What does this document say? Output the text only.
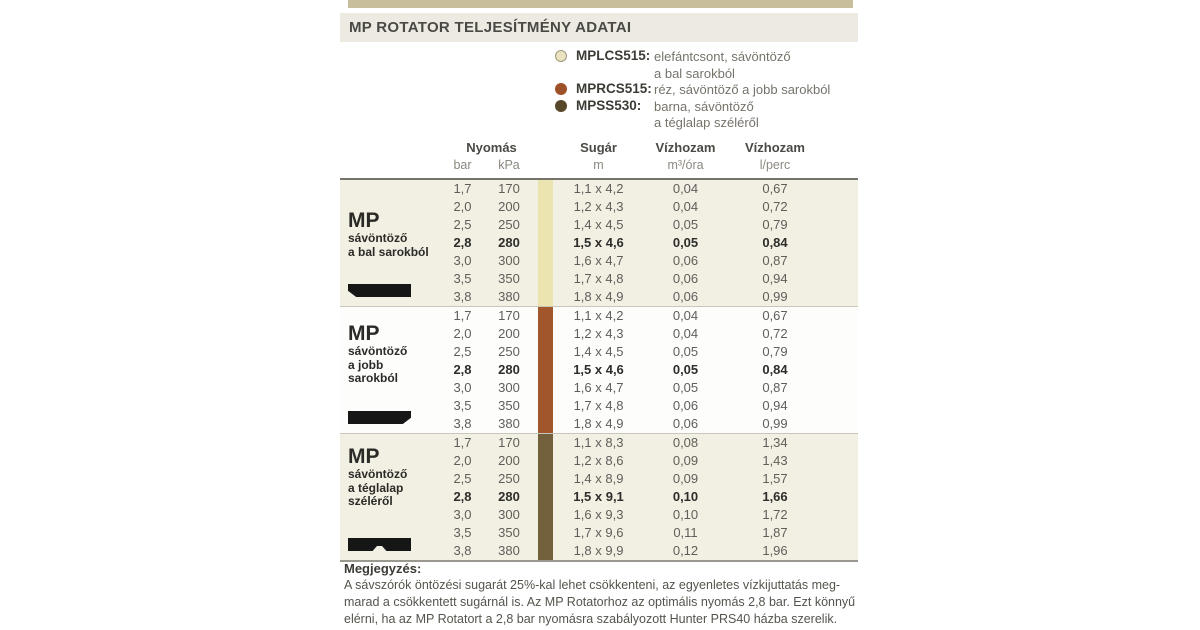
MP ROTATOR TELJESÍTMÉNY ADATAI
MPLCS515: elefántcsont, sávöntöző
a bal sarokból
MPRCS515: réz, sávöntöző a jobb sarokból
MPSS530: barna, sávöntöző
a téglalap széléről
Nyomás	Sugár	Vízhozam	Vízhozam
bar	kPa	m	m³/óra	l/perc
MP
sávöntöző
a bal sarokból
1,7	170	1,1 x 4,2	0,04	0,67
2,0	200	1,2 x 4,3	0,04	0,72
2,5	250	1,4 x 4,5	0,05	0,79
2,8	280	1,5 x 4,6	0,05	0,84
3,0	300	1,6 x 4,7	0,06	0,87
3,5	350	1,7 x 4,8	0,06	0,94
3,8	380	1,8 x 4,9	0,06	0,99
MP
sávöntöző
a jobb
sarokból
1,7	170	1,1 x 4,2	0,04	0,67
2,0	200	1,2 x 4,3	0,04	0,72
2,5	250	1,4 x 4,5	0,05	0,79
2,8	280	1,5 x 4,6	0,05	0,84
3,0	300	1,6 x 4,7	0,05	0,87
3,5	350	1,7 x 4,8	0,06	0,94
3,8	380	1,8 x 4,9	0,06	0,99
MP
sávöntöző
a téglalap
széléről
1,7	170	1,1 x 8,3	0,08	1,34
2,0	200	1,2 x 8,6	0,09	1,43
2,5	250	1,4 x 8,9	0,09	1,57
2,8	280	1,5 x 9,1	0,10	1,66
3,0	300	1,6 x 9,3	0,10	1,72
3,5	350	1,7 x 9,6	0,11	1,87
3,8	380	1,8 x 9,9	0,12	1,96
Megjegyzés:
A sávszórók öntözési sugarát 25%-kal lehet csökkenteni, az egyenletes vízkijuttatás meg-
marad a csökkentett sugárnál is. Az MP Rotatorhoz az optimális nyomás 2,8 bar. Ezt könnyű
elérni, ha az MP Rotatort a 2,8 bar nyomásra szabályozott Hunter PRS40 házba szerelik.
